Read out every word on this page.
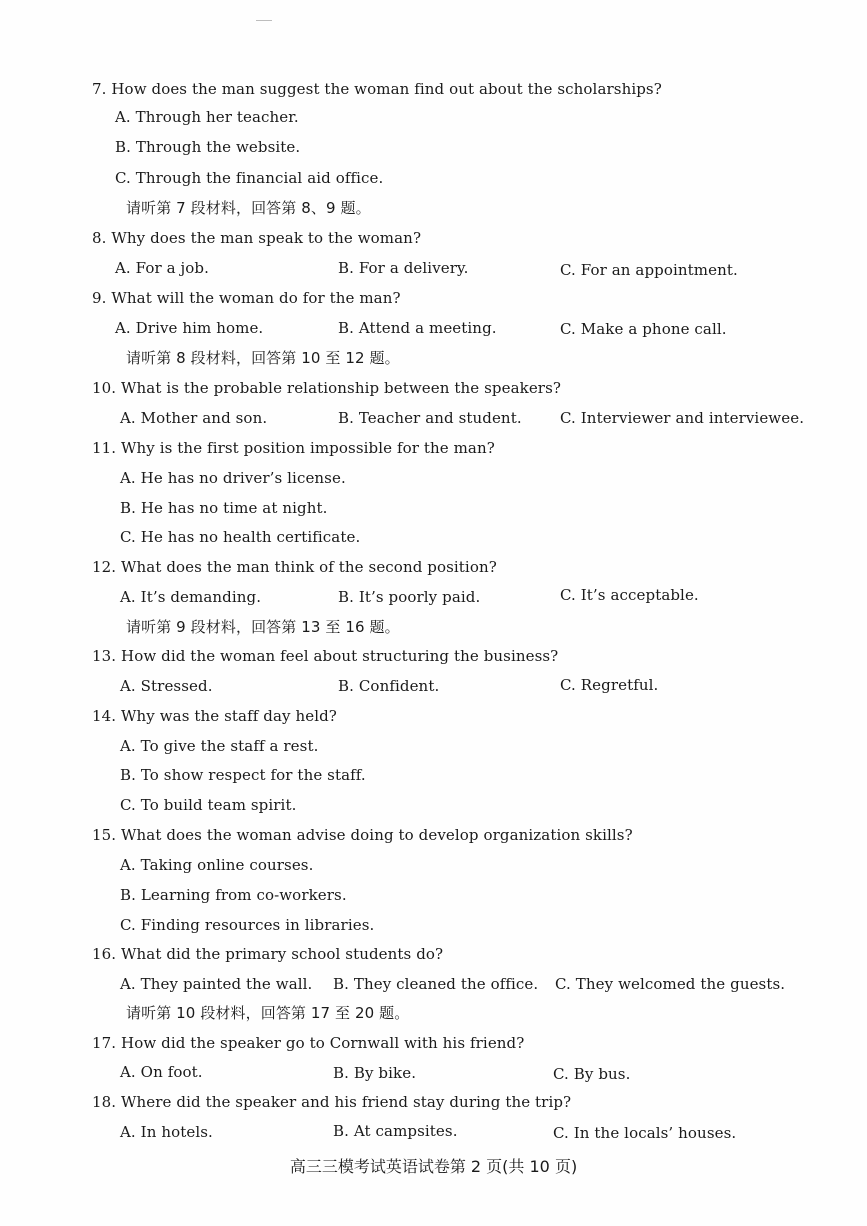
7. How does the man suggest the woman find out about the scholarships?
A. Through her teacher.
B. Through the website.
C. Through the financial aid office.
请听第 7 段材料，回答第 8、9 题。
8. Why does the man speak to the woman?
A. For a job.	B. For a delivery.	C. For an appointment.
9. What will the woman do for the man?
A. Drive him home.	B. Attend a meeting.	C. Make a phone call.
请听第 8 段材料，回答第 10 至 12 题。
10. What is the probable relationship between the speakers?
A. Mother and son.	B. Teacher and student.	C. Interviewer and interviewee.
11. Why is the first position impossible for the man?
A. He has no driver’s license.
B. He has no time at night.
C. He has no health certificate.
12. What does the man think of the second position?
A. It’s demanding.	B. It’s poorly paid.	C. It’s acceptable.
请听第 9 段材料，回答第 13 至 16 题。
13. How did the woman feel about structuring the business?
A. Stressed.	B. Confident.	C. Regretful.
14. Why was the staff day held?
A. To give the staff a rest.
B. To show respect for the staff.
C. To build team spirit.
15. What does the woman advise doing to develop organization skills?
A. Taking online courses.
B. Learning from co-workers.
C. Finding resources in libraries.
16. What did the primary school students do?
A. They painted the wall. B. They cleaned the office. C. They welcomed the guests.
请听第 10 段材料，回答第 17 至 20 题。
17. How did the speaker go to Cornwall with his friend?
A. On foot.	B. By bike.	C. By bus.
18. Where did the speaker and his friend stay during the trip?
A. In hotels.	B. At campsites.	C. In the locals’ houses.
高三三模考试英语试卷第 2 页(共 10 页)
